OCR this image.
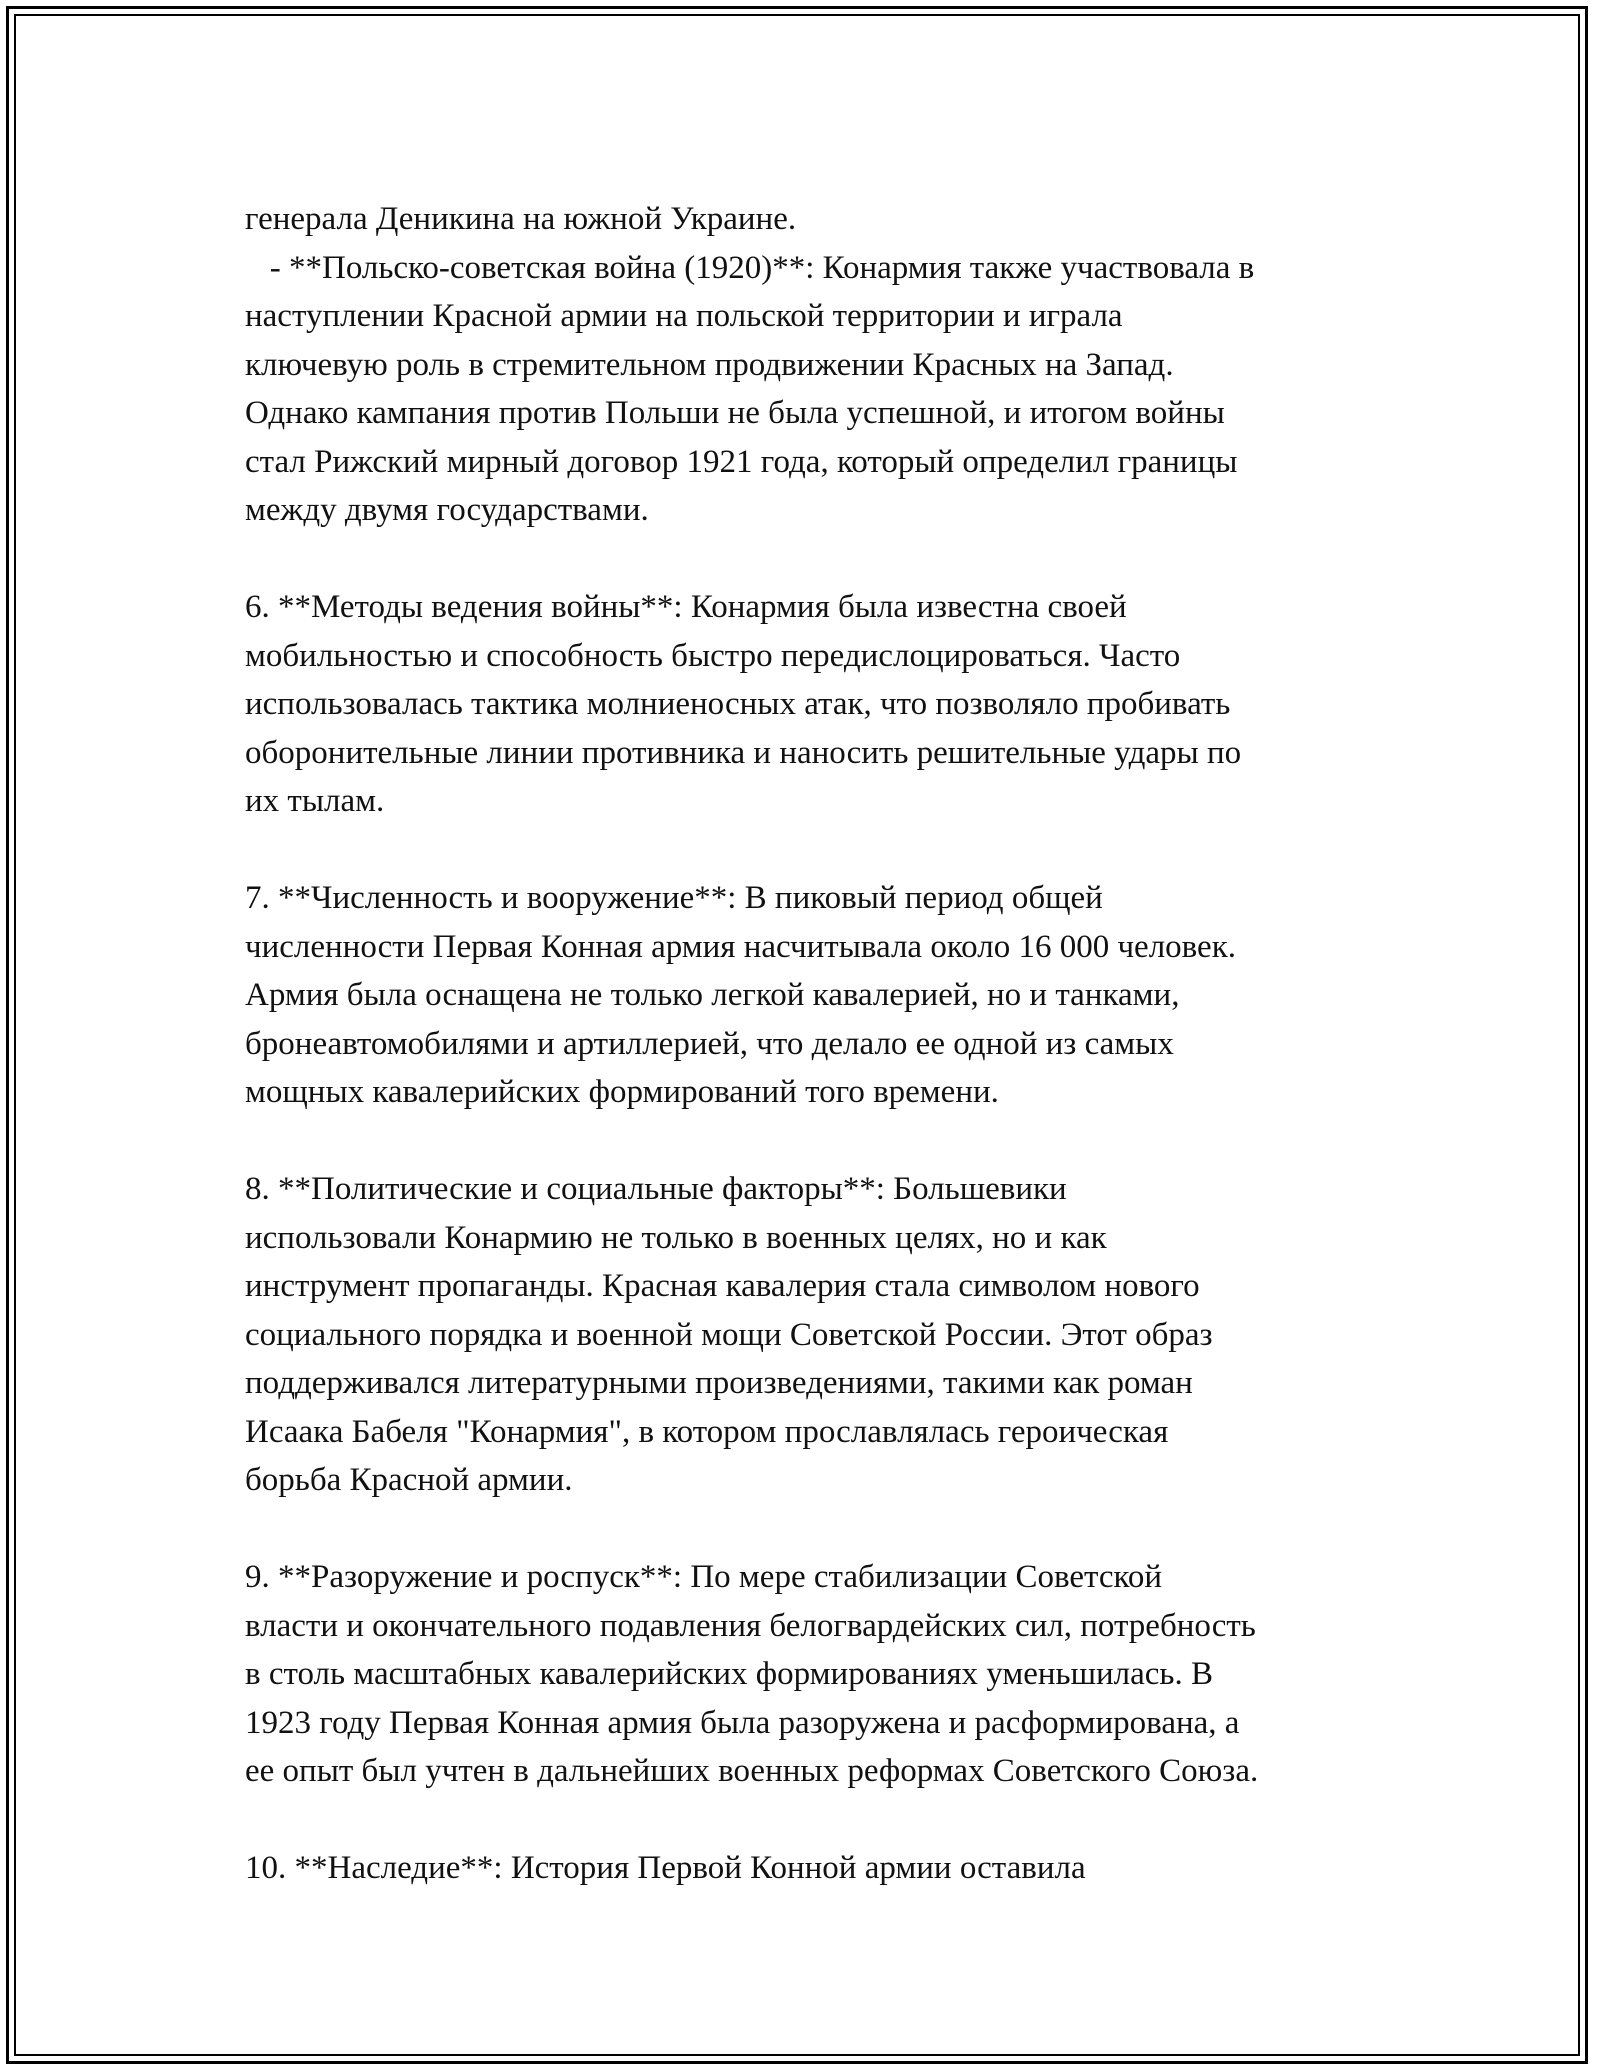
генерала Деникина на южной Украине.
- **Польско-советская война (1920)**: Конармия также участвовала в
наступлении Красной армии на польской территории и играла
ключевую роль в стремительном продвижении Красных на Запад.
Однако кампания против Польши не была успешной, и итогом войны
стал Рижский мирный договор 1921 года, который определил границы
между двумя государствами.
6. **Методы ведения войны**: Конармия была известна своей
мобильностью и способность быстро передислоцироваться. Часто
использовалась тактика молниеносных атак, что позволяло пробивать
оборонительные линии противника и наносить решительные удары по
их тылам.
7. **Численность и вооружение**: В пиковый период общей
численности Первая Конная армия насчитывала около 16 000 человек.
Армия была оснащена не только легкой кавалерией, но и танками,
бронеавтомобилями и артиллерией, что делало ее одной из самых
мощных кавалерийских формирований того времени.
8. **Политические и социальные факторы**: Большевики
использовали Конармию не только в военных целях, но и как
инструмент пропаганды. Красная кавалерия стала символом нового
социального порядка и военной мощи Советской России. Этот образ
поддерживался литературными произведениями, такими как роман
Исаака Бабеля "Конармия", в котором прославлялась героическая
борьба Красной армии.
9. **Разоружение и роспуск**: По мере стабилизации Советской
власти и окончательного подавления белогвардейских сил, потребность
в столь масштабных кавалерийских формированиях уменьшилась. В
1923 году Первая Конная армия была разоружена и расформирована, а
ее опыт был учтен в дальнейших военных реформах Советского Союза.
10. **Наследие**: История Первой Конной армии оставила
